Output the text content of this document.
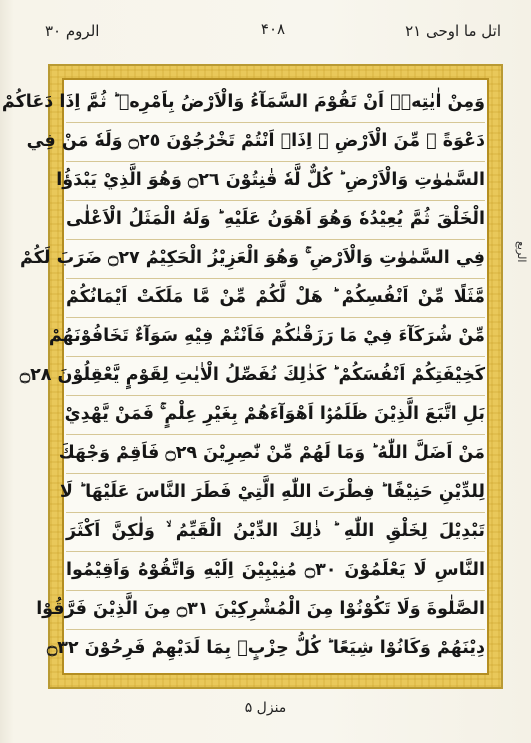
اتل ما اوحی ۲۱
۴۰۸
الروم ۳۰
وَمِنْ اٰيٰتِهٖۤ اَنْ تَقُوْمَ السَّمَآءُ وَالْاَرْضُ بِاَمْرِهٖ ؕ ثُمَّ اِذَا دَعَاكُمْ
دَعْوَةً ۖ مِّنَ الْاَرْضِ ۖ اِذَاۤ اَنْتُمْ تَخْرُجُوْنَ ۝٢٥ وَلَهٗ مَنْ فِي
السَّمٰوٰتِ وَالْاَرْضِ ؕ كُلٌّ لَّهٗ قٰنِتُوْنَ ۝٢٦ وَهُوَ الَّذِيْ يَبْدَؤُا
الْخَلْقَ ثُمَّ يُعِيْدُهٗ وَهُوَ اَهْوَنُ عَلَيْهِ ؕ وَلَهُ الْمَثَلُ الْاَعْلٰى
فِي السَّمٰوٰتِ وَالْاَرْضِ ۚ وَهُوَ الْعَزِيْزُ الْحَكِيْمُ ۝٢٧ ضَرَبَ لَكُمْ
مَّثَلًا مِّنْ اَنْفُسِكُمْ ؕ هَلْ لَّكُمْ مِّنْ مَّا مَلَكَتْ اَيْمَانُكُمْ
مِّنْ شُرَكَآءَ فِيْ مَا رَزَقْنٰكُمْ فَاَنْتُمْ فِيْهِ سَوَآءٌ تَخَافُوْنَهُمْ
كَخِيْفَتِكُمْ اَنْفُسَكُمْ ؕ كَذٰلِكَ نُفَصِّلُ الْاٰيٰتِ لِقَوْمٍ يَّعْقِلُوْنَ ۝٢٨
بَلِ اتَّبَعَ الَّذِيْنَ ظَلَمُوْۤا اَهْوَآءَهُمْ بِغَيْرِ عِلْمٍ ۚ فَمَنْ يَّهْدِيْ
مَنْ اَضَلَّ اللّٰهُ ؕ وَمَا لَهُمْ مِّنْ نّٰصِرِيْنَ ۝٢٩ فَاَقِمْ وَجْهَكَ
لِلدِّيْنِ حَنِيْفًا ؕ فِطْرَتَ اللّٰهِ الَّتِيْ فَطَرَ النَّاسَ عَلَيْهَا ؕ لَا
تَبْدِيْلَ لِخَلْقِ اللّٰهِ ؕ ذٰلِكَ الدِّيْنُ الْقَيِّمُ ۙ وَلٰكِنَّ اَكْثَرَ
النَّاسِ لَا يَعْلَمُوْنَ ۝٣٠ مُنِيْبِيْنَ اِلَيْهِ وَاتَّقُوْهُ وَاَقِيْمُوا
الصَّلٰوةَ وَلَا تَكُوْنُوْا مِنَ الْمُشْرِكِيْنَ ۝٣١ مِنَ الَّذِيْنَ فَرَّقُوْا
دِيْنَهُمْ وَكَانُوْا شِيَعًا ؕ كُلُّ حِزْبٍۭ بِمَا لَدَيْهِمْ فَرِحُوْنَ ۝٣٢
الربع
منزل ۵
